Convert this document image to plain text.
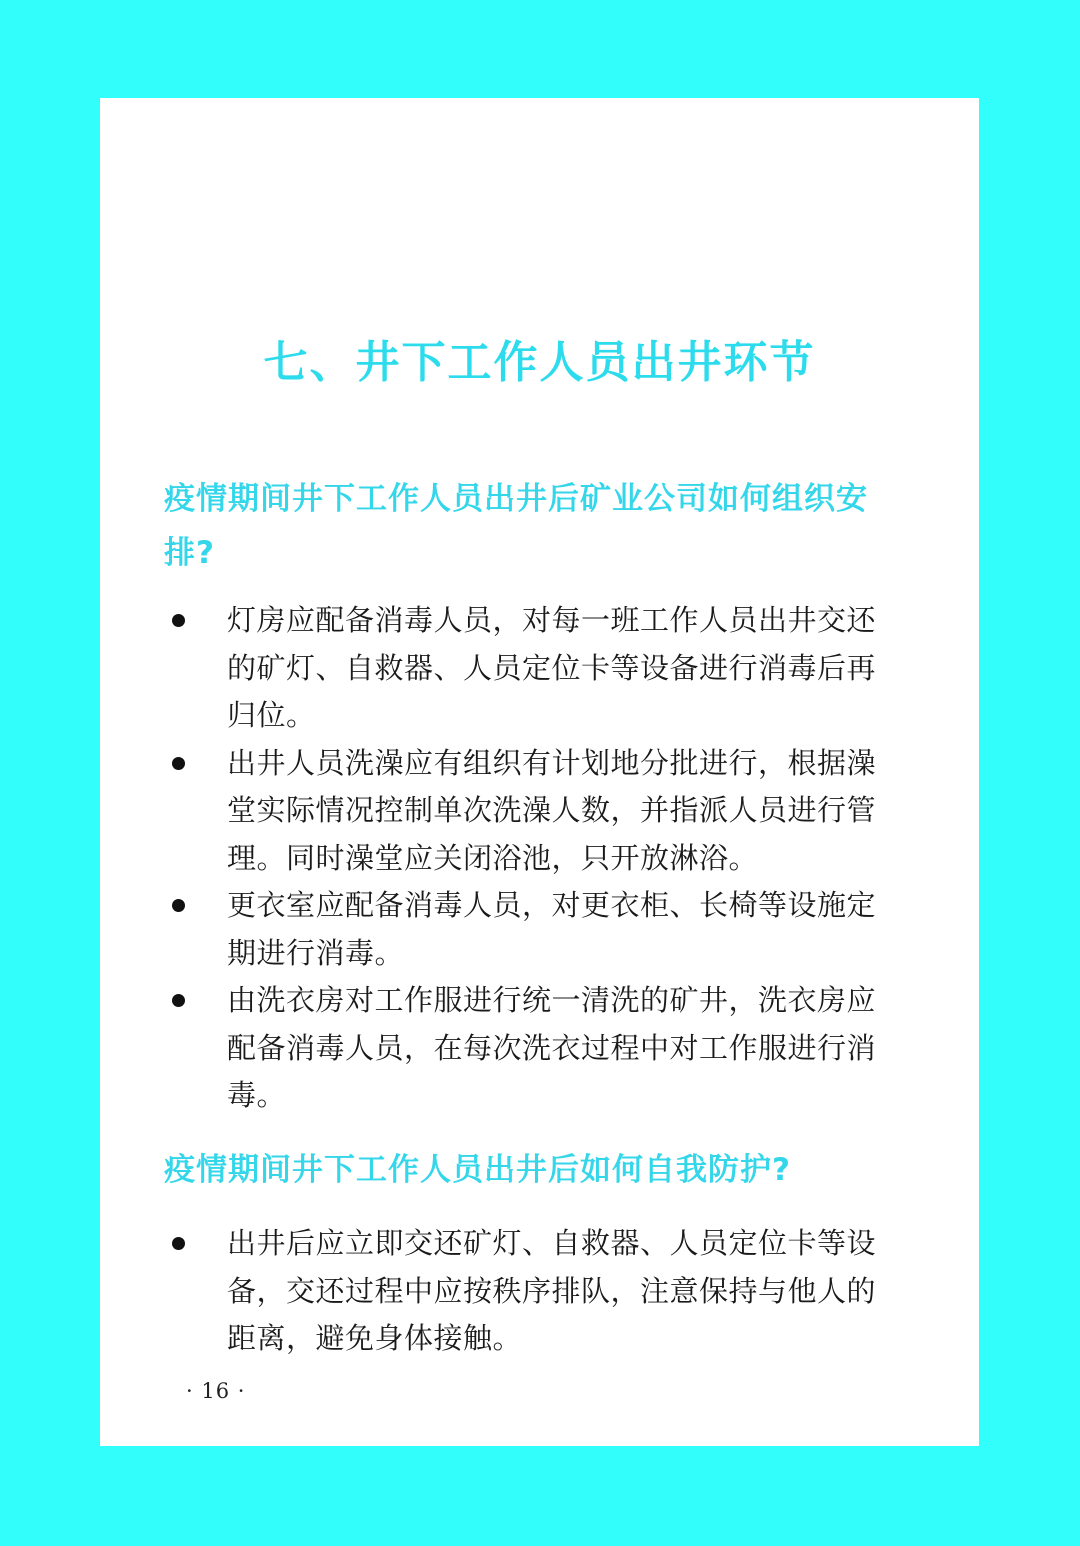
七、井下工作人员出井环节
疫情期间井下工作人员出井后矿业公司如何组织安排?
灯房应配备消毒人员，对每一班工作人员出井交还的矿灯、自救器、人员定位卡等设备进行消毒后再归位。
出井人员洗澡应有组织有计划地分批进行，根据澡堂实际情况控制单次洗澡人数，并指派人员进行管理。同时澡堂应关闭浴池，只开放淋浴。
更衣室应配备消毒人员，对更衣柜、长椅等设施定期进行消毒。
由洗衣房对工作服进行统一清洗的矿井，洗衣房应配备消毒人员，在每次洗衣过程中对工作服进行消毒。
疫情期间井下工作人员出井后如何自我防护?
出井后应立即交还矿灯、自救器、人员定位卡等设备，交还过程中应按秩序排队，注意保持与他人的距离，避免身体接触。
· 16 ·
